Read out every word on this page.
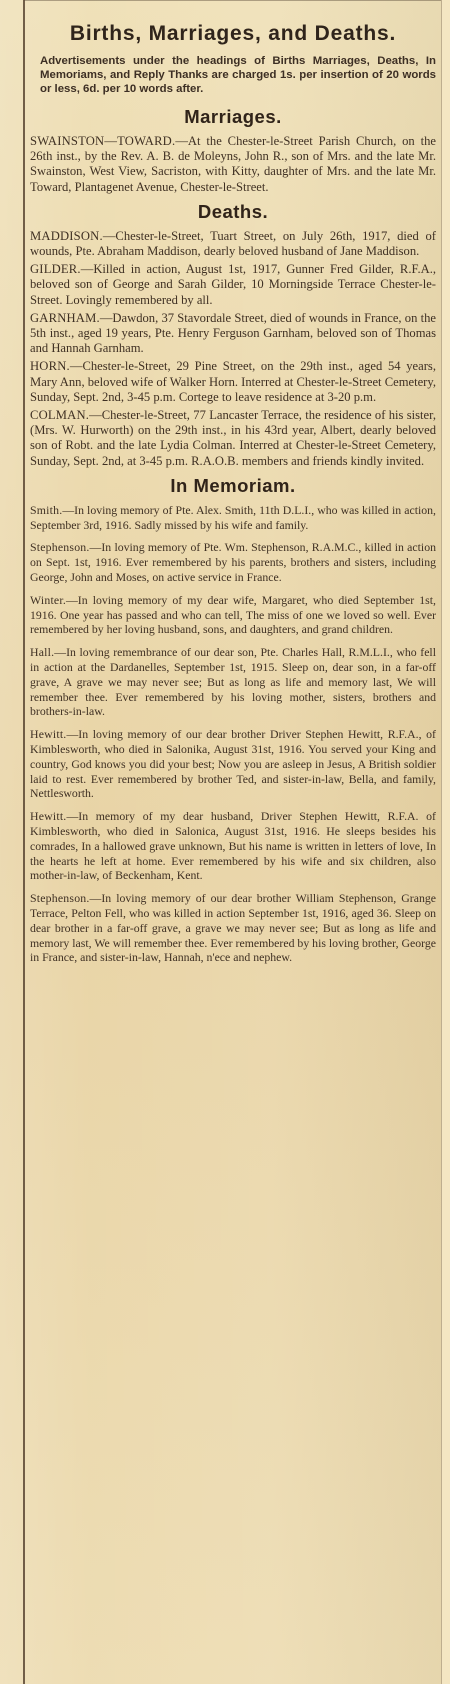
Births, Marriages, and Deaths.
Advertisements under the headings of Births Marriages, Deaths, In Memoriams, and Reply Thanks are charged 1s. per insertion of 20 words or less, 6d. per 10 words after.
Marriages.
SWAINSTON—TOWARD.—At the Chester-le-Street Parish Church, on the 26th inst., by the Rev. A. B. de Moleyns, John R., son of Mrs. and the late Mr. Swainston, West View, Sacriston, with Kitty, daughter of Mrs. and the late Mr. Toward, Plantagenet Avenue, Chester-le-Street.
Deaths.
MADDISON.—Chester-le-Street, Tuart Street, on July 26th, 1917, died of wounds, Pte. Abraham Maddison, dearly beloved husband of Jane Maddison.
GILDER.—Killed in action, August 1st, 1917, Gunner Fred Gilder, R.F.A., beloved son of George and Sarah Gilder, 10 Morningside Terrace Chester-le-Street. Lovingly remembered by all.
GARNHAM.—Dawdon, 37 Stavordale Street, died of wounds in France, on the 5th inst., aged 19 years, Pte. Henry Ferguson Garnham, beloved son of Thomas and Hannah Garnham.
HORN.—Chester-le-Street, 29 Pine Street, on the 29th inst., aged 54 years, Mary Ann, beloved wife of Walker Horn. Interred at Chester-le-Street Cemetery, Sunday, Sept. 2nd, 3-45 p.m. Cortege to leave residence at 3-20 p.m.
COLMAN.—Chester-le-Street, 77 Lancaster Terrace, the residence of his sister, (Mrs. W. Hurworth) on the 29th inst., in his 43rd year, Albert, dearly beloved son of Robt. and the late Lydia Colman. Interred at Chester-le-Street Cemetery, Sunday, Sept. 2nd, at 3-45 p.m. R.A.O.B. members and friends kindly invited.
In Memoriam.
Smith.—In loving memory of Pte. Alex. Smith, 11th D.L.I., who was killed in action, September 3rd, 1916. Sadly missed by his wife and family.
Stephenson.—In loving memory of Pte. Wm. Stephenson, R.A.M.C., killed in action on Sept. 1st, 1916. Ever remembered by his parents, brothers and sisters, including George, John and Moses, on active service in France.
Winter.—In loving memory of my dear wife, Margaret, who died September 1st, 1916. One year has passed and who can tell, The miss of one we loved so well. Ever remembered by her loving husband, sons, and daughters, and grand children.
Hall.—In loving remembrance of our dear son, Pte. Charles Hall, R.M.L.I., who fell in action at the Dardanelles, September 1st, 1915. Sleep on, dear son, in a far-off grave, A grave we may never see; But as long as life and memory last, We will remember thee. Ever remembered by his loving mother, sisters, brothers and brothers-in-law.
Hewitt.—In loving memory of our dear brother Driver Stephen Hewitt, R.F.A., of Kimblesworth, who died in Salonika, August 31st, 1916. You served your King and country, God knows you did your best; Now you are asleep in Jesus, A British soldier laid to rest. Ever remembered by brother Ted, and sister-in-law, Bella, and family, Nettlesworth.
Hewitt.—In memory of my dear husband, Driver Stephen Hewitt, R.F.A. of Kimblesworth, who died in Salonica, August 31st, 1916. He sleeps besides his comrades, In a hallowed grave unknown, But his name is written in letters of love, In the hearts he left at home. Ever remembered by his wife and six children, also mother-in-law, of Beckenham, Kent.
Stephenson.—In loving memory of our dear brother William Stephenson, Grange Terrace, Pelton Fell, who was killed in action September 1st, 1916, aged 36. Sleep on dear brother in a far-off grave, a grave we may never see; But as long as life and memory last, We will remember thee. Ever remembered by his loving brother, George in France, and sister-in-law, Hannah, n'ece and nephew.
